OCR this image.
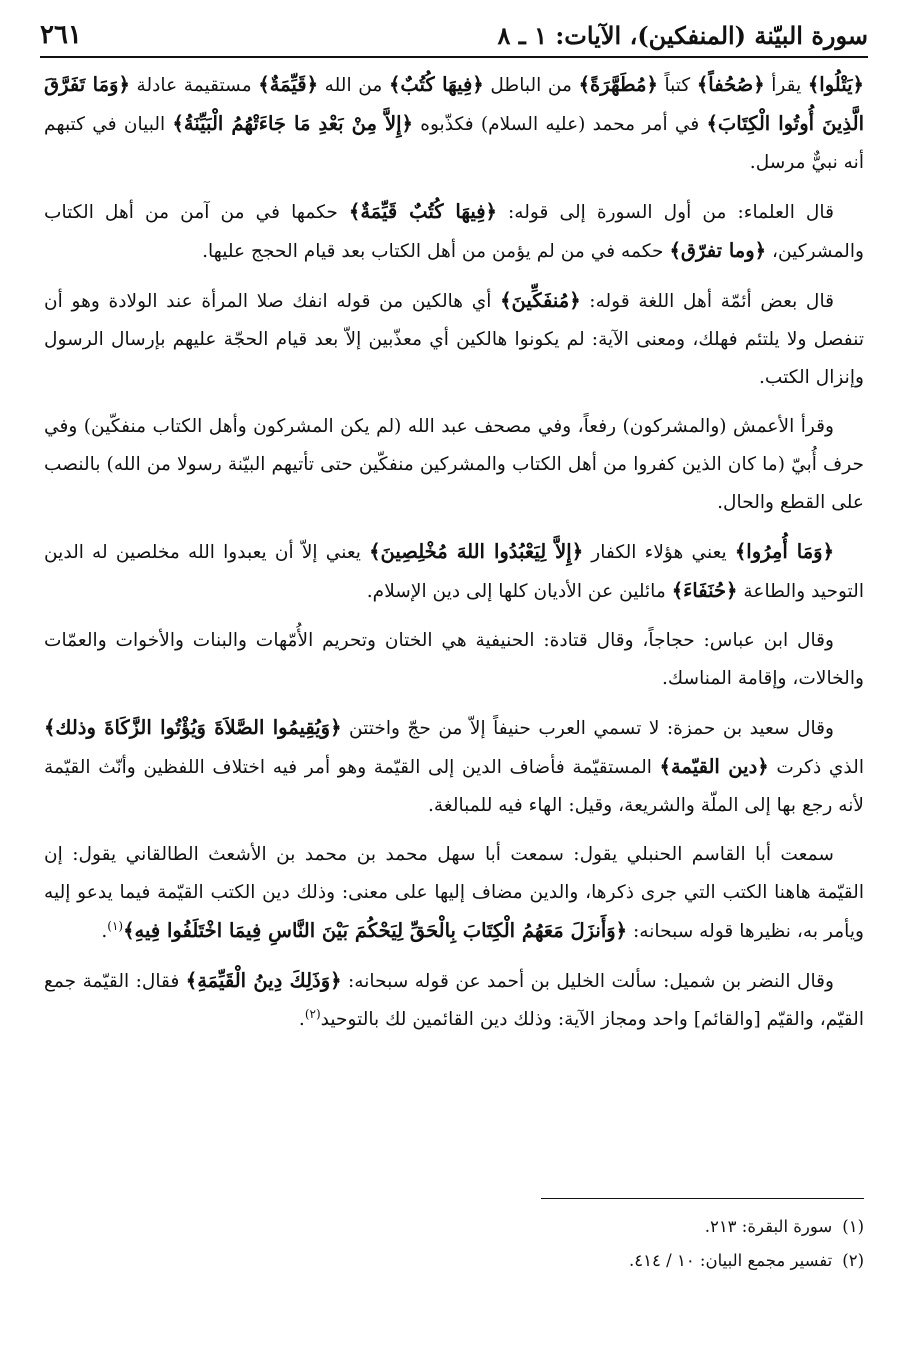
سورة البيّنة (المنفكين)، الآيات: ١ ـ ٨
٢٦١

﴿يَتْلُوا﴾ يقرأ ﴿صُحُفاً﴾ كتباً ﴿مُطَهَّرَةً﴾ من الباطل ﴿فِيهَا كُتُبٌ﴾ من الله ﴿قَيِّمَةٌ﴾ مستقيمة عادلة ﴿وَمَا تَفَرَّقَ الَّذِينَ أُوتُوا الْكِتَابَ﴾ في أمر محمد (عليه السلام) فكذّبوه ﴿إِلاَّ مِنْ بَعْدِ مَا جَاءَتْهُمُ الْبَيِّنَةُ﴾ البيان في كتبهم أنه نبيٌّ مرسل.

قال العلماء: من أول السورة إلى قوله: ﴿فِيهَا كُتُبٌ قَيِّمَةٌ﴾ حكمها في من آمن من أهل الكتاب والمشركين، ﴿وما تفرّق﴾ حكمه في من لم يؤمن من أهل الكتاب بعد قيام الحجج عليها.

قال بعض أئمّة أهل اللغة قوله: ﴿مُنفَكِّينَ﴾ أي هالكين من قوله انفك صلا المرأة عند الولادة وهو أن تنفصل ولا يلتئم فهلك، ومعنى الآية: لم يكونوا هالكين أي معذّبين إلاّ بعد قيام الحجّة عليهم بإرسال الرسول وإنزال الكتب.

وقرأ الأعمش (والمشركون) رفعاً، وفي مصحف عبد الله (لم يكن المشركون وأهل الكتاب منفكّين) وفي حرف أُبيّ (ما كان الذين كفروا من أهل الكتاب والمشركين منفكّين حتى تأتيهم البيّنة رسولا من الله) بالنصب على القطع والحال.

﴿وَمَا أُمِرُوا﴾ يعني هؤلاء الكفار ﴿إِلاَّ لِيَعْبُدُوا اللهَ مُخْلِصِينَ﴾ يعني إلاّ أن يعبدوا الله مخلصين له الدين التوحيد والطاعة ﴿حُنَفَاءَ﴾ مائلين عن الأديان كلها إلى دين الإسلام.

وقال ابن عباس: حجاجاً، وقال قتادة: الحنيفية هي الختان وتحريم الأُمّهات والبنات والأخوات والعمّات والخالات، وإقامة المناسك.

وقال سعيد بن حمزة: لا تسمي العرب حنيفاً إلاّ من حجّ واختتن ﴿وَيُقِيمُوا الصَّلاَةَ وَيُؤْتُوا الزَّكَاةَ وذلك﴾ الذي ذكرت ﴿دين القيّمة﴾ المستقيّمة فأضاف الدين إلى القيّمة وهو أمر فيه اختلاف اللفظين وأنّث القيّمة لأنه رجع بها إلى الملّة والشريعة، وقيل: الهاء فيه للمبالغة.

سمعت أبا القاسم الحنبلي يقول: سمعت أبا سهل محمد بن محمد بن الأشعث الطالقاني يقول: إن القيّمة هاهنا الكتب التي جرى ذكرها، والدين مضاف إليها على معنى: وذلك دين الكتب القيّمة فيما يدعو إليه ويأمر به، نظيرها قوله سبحانه: ﴿وَأَنزَلَ مَعَهُمُ الْكِتَابَ بِالْحَقِّ لِيَحْكُمَ بَيْنَ النَّاسِ فِيمَا اخْتَلَفُوا فِيهِ﴾$^{(١)}$.

وقال النضر بن شميل: سألت الخليل بن أحمد عن قوله سبحانه: ﴿وَذَلِكَ دِينُ الْقَيِّمَةِ﴾ فقال: القيّمة جمع القيّم، والقيّم [والقائم] واحد ومجاز الآية: وذلك دين القائمين لك بالتوحيد$^{(٢)}$.

(١)سورة البقرة: ٢١٣.
(٢)تفسير مجمع البيان: ١٠ / ٤١٤.
